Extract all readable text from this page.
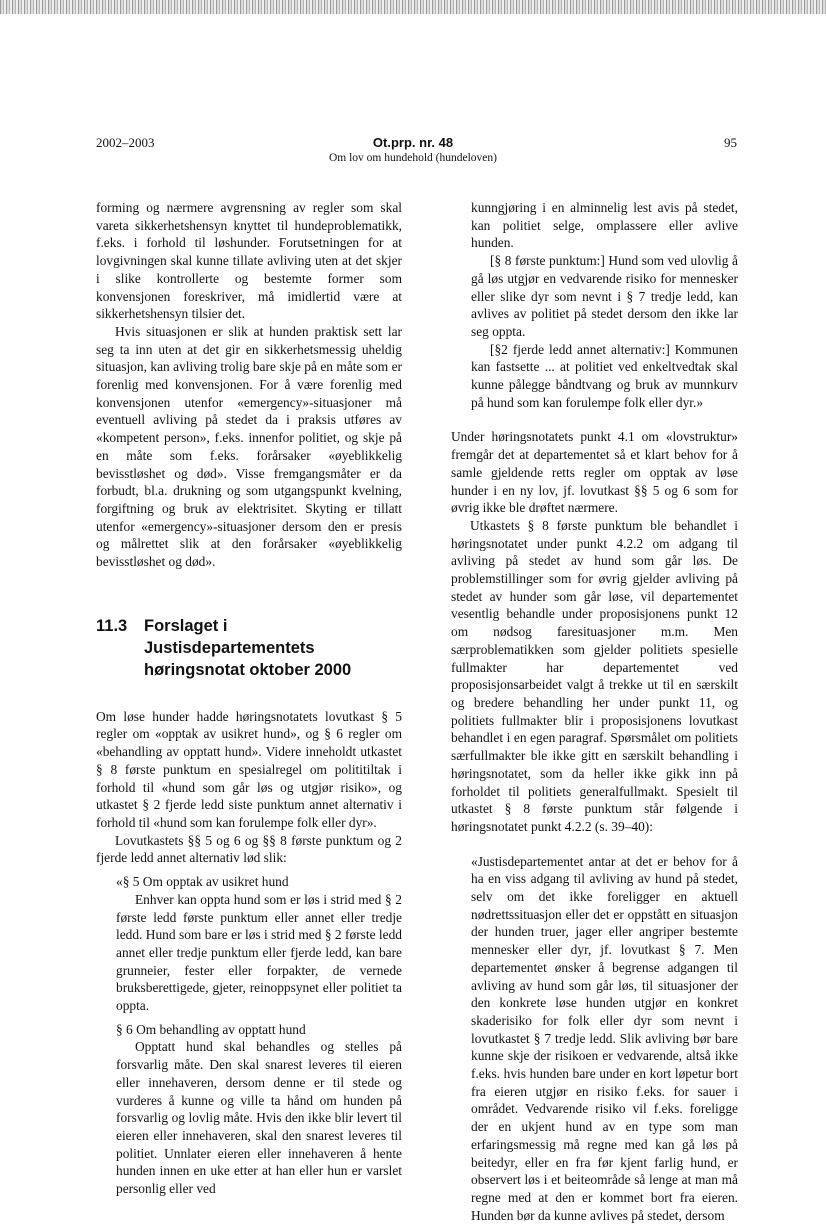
2002–2003	Ot.prp. nr. 48
Om lov om hundehold (hundeloven)
95

forming og nærmere avgrensning av regler som skal vareta sikkerhetshensyn knyttet til hundeproblematikk, f.eks. i forhold til løshunder. Forutsetningen for at lovgivningen skal kunne tillate avliving uten at det skjer i slike kontrollerte og bestemte former som konvensjonen foreskriver, må imidlertid være at sikkerhetshensyn tilsier det.

Hvis situasjonen er slik at hunden praktisk sett lar seg ta inn uten at det gir en sikkerhetsmessig uheldig situasjon, kan avliving trolig bare skje på en måte som er forenlig med konvensjonen. For å være forenlig med konvensjonen utenfor «emergency»-situasjoner må eventuell avliving på stedet da i praksis utføres av «kompetent person», f.eks. innenfor politiet, og skje på en måte som f.eks. forårsaker «øyeblikkelig bevisstløshet og død». Visse fremgangsmåter er da forbudt, bl.a. drukning og som utgangspunkt kvelning, forgiftning og bruk av elektrisitet. Skyting er tillatt utenfor «emergency»-situasjoner dersom den er presis og målrettet slik at den forårsaker «øyeblikkelig bevisstløshet og død».

11.3	Forslaget i Justisdepartementets høringsnotat oktober 2000

Om løse hunder hadde høringsnotatets lovutkast § 5 regler om «opptak av usikret hund», og § 6 regler om «behandling av opptatt hund». Videre inneholdt utkastet § 8 første punktum en spesialregel om polititiltak i forhold til «hund som går løs og utgjør risiko», og utkastet § 2 fjerde ledd siste punktum annet alternativ i forhold til «hund som kan forulempe folk eller dyr».

Lovutkastets §§ 5 og 6 og §§ 8 første punktum og 2 fjerde ledd annet alternativ lød slik:

«§ 5 Om opptak av usikret hund

Enhver kan oppta hund som er løs i strid med § 2 første ledd første punktum eller annet eller tredje ledd. Hund som bare er løs i strid med § 2 første ledd annet eller tredje punktum eller fjerde ledd, kan bare grunneier, fester eller forpakter, de vernede bruksberettigede, gjeter, reinoppsynet eller politiet ta oppta.

§ 6 Om behandling av opptatt hund

Opptatt hund skal behandles og stelles på forsvarlig måte. Den skal snarest leveres til eieren eller innehaveren, dersom denne er til stede og vurderes å kunne og ville ta hånd om hunden på forsvarlig og lovlig måte. Hvis den ikke blir levert til eieren eller innehaveren, skal den snarest leveres til politiet. Unnlater eieren eller innehaveren å hente hunden innen en uke etter at han eller hun er varslet personlig eller ved

kunngjøring i en alminnelig lest avis på stedet, kan politiet selge, omplassere eller avlive hunden.

[§ 8 første punktum:] Hund som ved ulovlig å gå løs utgjør en vedvarende risiko for mennesker eller slike dyr som nevnt i § 7 tredje ledd, kan avlives av politiet på stedet dersom den ikke lar seg oppta.

[§2 fjerde ledd annet alternativ:] Kommunen kan fastsette ... at politiet ved enkeltvedtak skal kunne pålegge båndtvang og bruk av munnkurv på hund som kan forulempe folk eller dyr.»

Under høringsnotatets punkt 4.1 om «lovstruktur» fremgår det at departementet så et klart behov for å samle gjeldende retts regler om opptak av løse hunder i en ny lov, jf. lovutkast §§ 5 og 6 som for øvrig ikke ble drøftet nærmere.

Utkastets § 8 første punktum ble behandlet i høringsnotatet under punkt 4.2.2 om adgang til avliving på stedet av hund som går løs. De problemstillinger som for øvrig gjelder avliving på stedet av hunder som går løse, vil departementet vesentlig behandle under proposisjonens punkt 12 om nødsog faresituasjoner m.m. Men særproblematikken som gjelder politiets spesielle fullmakter har departementet ved proposisjonsarbeidet valgt å trekke ut til en særskilt og bredere behandling her under punkt 11, og politiets fullmakter blir i proposisjonens lovutkast behandlet i en egen paragraf. Spørsmålet om politiets særfullmakter ble ikke gitt en særskilt behandling i høringsnotatet, som da heller ikke gikk inn på forholdet til politiets generalfullmakt. Spesielt til utkastet § 8 første punktum står følgende i høringsnotatet punkt 4.2.2 (s. 39–40):

«Justisdepartementet antar at det er behov for å ha en viss adgang til avliving av hund på stedet, selv om det ikke foreligger en aktuell nødrettssituasjon eller det er oppstått en situasjon der hunden truer, jager eller angriper bestemte mennesker eller dyr, jf. lovutkast § 7. Men departementet ønsker å begrense adgangen til avliving av hund som går løs, til situasjoner der den konkrete løse hunden utgjør en konkret skaderisiko for folk eller dyr som nevnt i lovutkastet § 7 tredje ledd. Slik avliving bør bare kunne skje der risikoen er vedvarende, altså ikke f.eks. hvis hunden bare under en kort løpetur bort fra eieren utgjør en risiko f.eks. for sauer i området. Vedvarende risiko vil f.eks. foreligge der en ukjent hund av en type som man erfaringsmessig må regne med kan gå løs på beitedyr, eller en fra før kjent farlig hund, er observert løs i et beiteområde så lenge at man må regne med at den er kommet bort fra eieren. Hunden bør da kunne avlives på stedet, dersom
